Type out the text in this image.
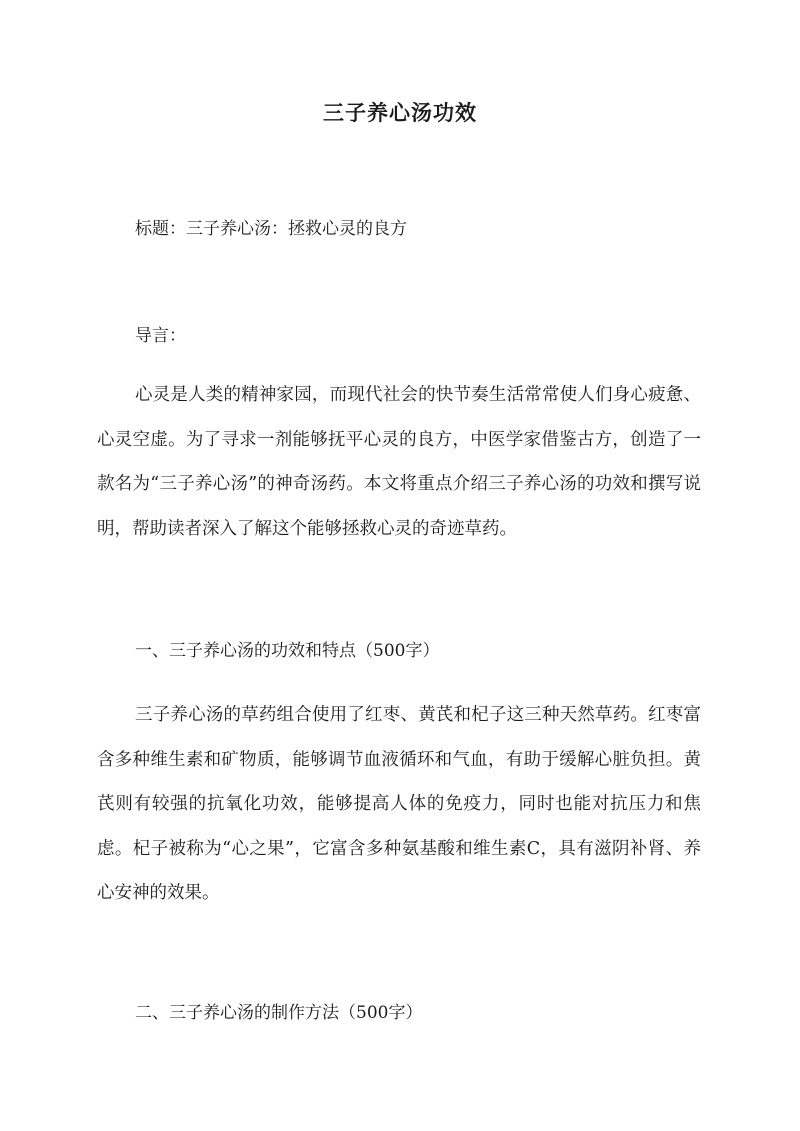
三子养心汤功效
标题：三子养心汤：拯救心灵的良方
导言：
心灵是人类的精神家园，而现代社会的快节奏生活常常使人们身心疲惫、心灵空虚。为了寻求一剂能够抚平心灵的良方，中医学家借鉴古方，创造了一款名为“三子养心汤”的神奇汤药。本文将重点介绍三子养心汤的功效和撰写说明，帮助读者深入了解这个能够拯救心灵的奇迹草药。
一、三子养心汤的功效和特点（500字）
三子养心汤的草药组合使用了红枣、黄芪和杞子这三种天然草药。红枣富含多种维生素和矿物质，能够调节血液循环和气血，有助于缓解心脏负担。黄芪则有较强的抗氧化功效，能够提高人体的免疫力，同时也能对抗压力和焦虑。杞子被称为“心之果”，它富含多种氨基酸和维生素C，具有滋阴补肾、养心安神的效果。
二、三子养心汤的制作方法（500字）
